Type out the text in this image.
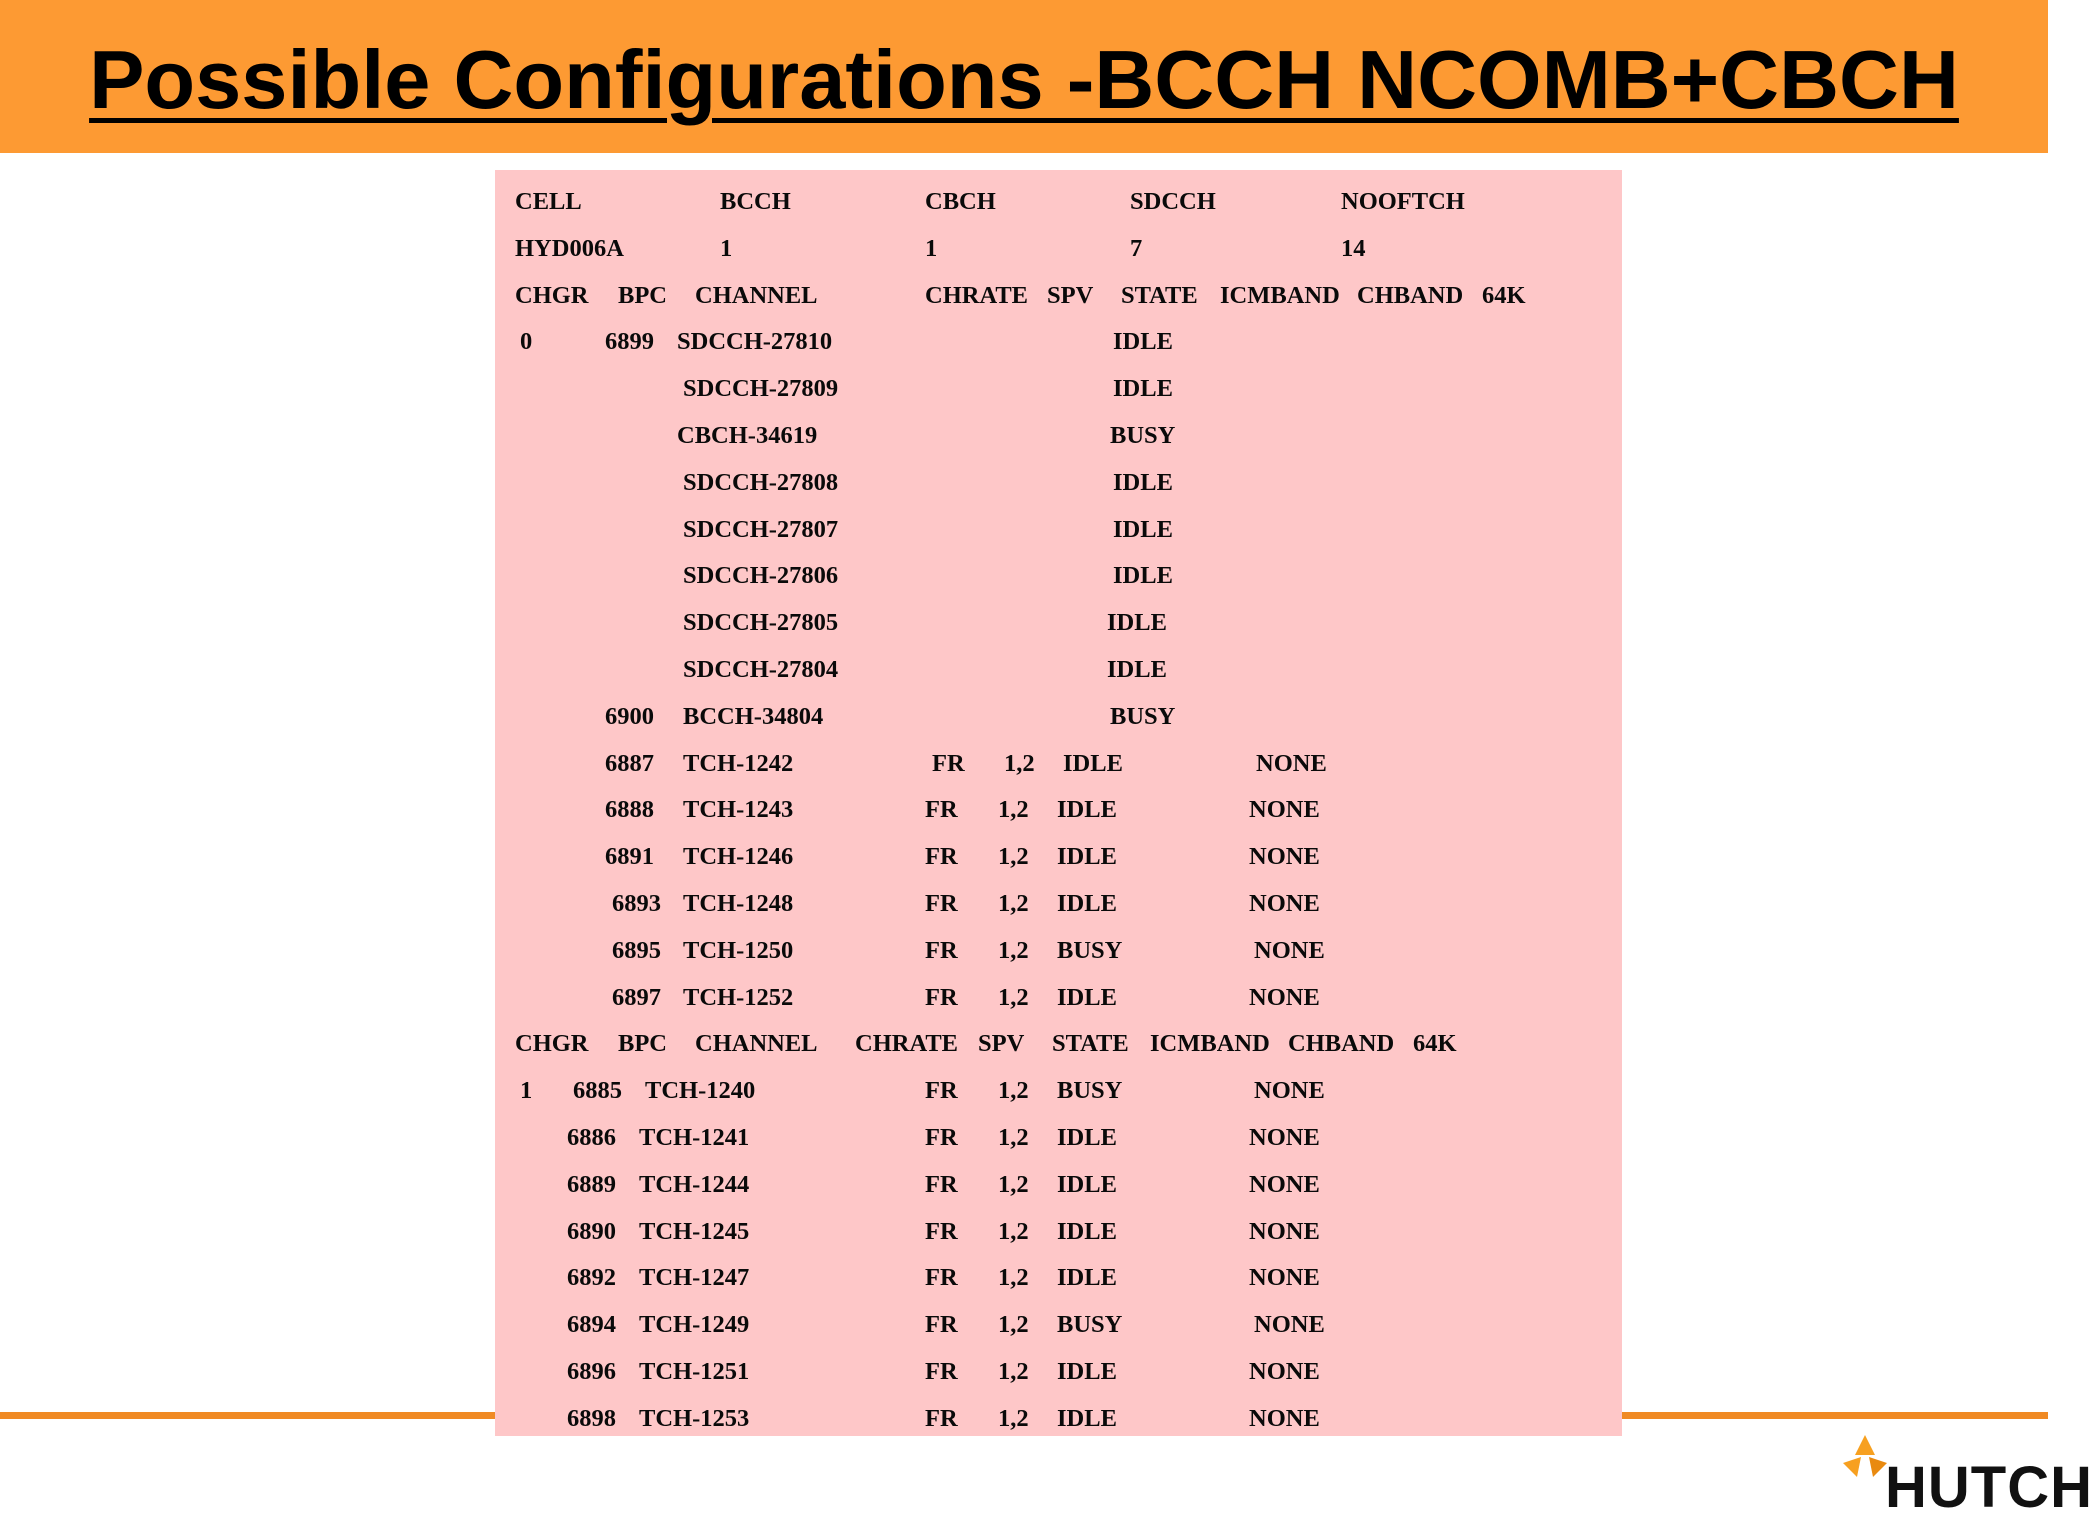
Possible Configurations -BCCH NCOMB+CBCH
CELL	BCCH	CBCH	SDCCH	NOOFTCH
HYD006A	1	1	7	14
CHGR BPC CHANNEL	CHRATE SPV STATE ICMBAND CHBAND 64K
0	6899 SDCCH-27810	IDLE
SDCCH-27809	IDLE
CBCH-34619	BUSY
SDCCH-27808	IDLE
SDCCH-27807	IDLE
SDCCH-27806	IDLE
SDCCH-27805	IDLE
SDCCH-27804	IDLE
6900 BCCH-34804	BUSY
6887 TCH-1242	FR 1,2 IDLE	NONE
6888 TCH-1243	FR 1,2 IDLE	NONE
6891 TCH-1246	FR 1,2 IDLE	NONE
6893 TCH-1248	FR 1,2 IDLE	NONE
6895 TCH-1250	FR 1,2 BUSY	NONE
6897 TCH-1252	FR 1,2 IDLE	NONE
CHGR BPC CHANNEL CHRATE SPV STATE ICMBAND CHBAND 64K
1 6885 TCH-1240	FR 1,2 BUSY	NONE
6886 TCH-1241	FR 1,2 IDLE	NONE
6889 TCH-1244	FR 1,2 IDLE	NONE
6890 TCH-1245	FR 1,2 IDLE	NONE
6892 TCH-1247	FR 1,2 IDLE	NONE
6894 TCH-1249	FR 1,2 BUSY	NONE
6896 TCH-1251	FR 1,2 IDLE	NONE
6898 TCH-1253	FR 1,2 IDLE	NONE
HUTCH
